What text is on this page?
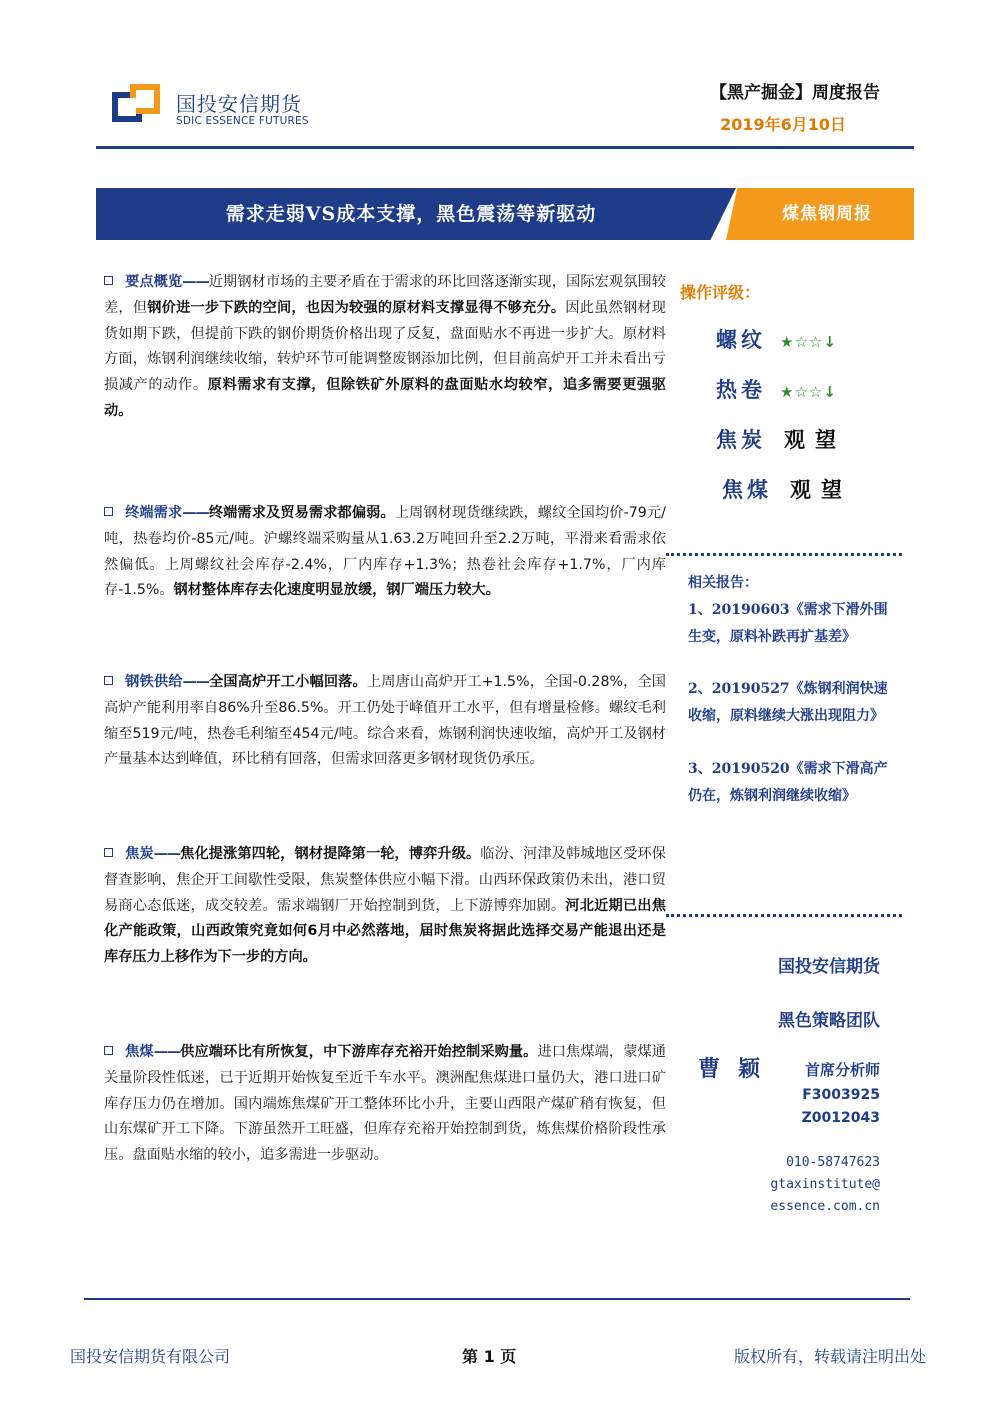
国投安信期货
SDIC ESSENCE FUTURES
【黑产掘金】周度报告
2019年6月10日
需求走弱VS成本支撑，黑色震荡等新驱动	煤焦钢周报
要点概览——近期钢材市场的主要矛盾在于需求的环比回落逐渐实现，国际宏观氛围较差，但钢价进一步下跌的空间，也因为较强的原材料支撑显得不够充分。因此虽然钢材现货如期下跌，但提前下跌的钢价期货价格出现了反复，盘面贴水不再进一步扩大。原材料方面，炼钢利润继续收缩，转炉环节可能调整废钢添加比例，但目前高炉开工并未看出亏损减产的动作。原料需求有支撑，但除铁矿外原料的盘面贴水均较窄，追多需要更强驱动。
终端需求——终端需求及贸易需求都偏弱。上周钢材现货继续跌，螺纹全国均价-79元/吨，热卷均价-85元/吨。沪螺终端采购量从1.63.2万吨回升至2.2万吨，平滑来看需求依然偏低。上周螺纹社会库存-2.4%，厂内库存+1.3%；热卷社会库存+1.7%，厂内库存-1.5%。钢材整体库存去化速度明显放缓，钢厂端压力较大。
钢铁供给——全国高炉开工小幅回落。上周唐山高炉开工+1.5%，全国-0.28%，全国高炉产能利用率自86%升至86.5%。开工仍处于峰值开工水平，但有增量检修。螺纹毛利缩至519元/吨，热卷毛利缩至454元/吨。综合来看，炼钢利润快速收缩，高炉开工及钢材产量基本达到峰值，环比稍有回落，但需求回落更多钢材现货仍承压。
焦炭——焦化提涨第四轮，钢材提降第一轮，博弈升级。临汾、河津及韩城地区受环保督查影响，焦企开工间歇性受限，焦炭整体供应小幅下滑。山西环保政策仍未出，港口贸易商心态低迷，成交较差。需求端钢厂开始控制到货，上下游博弈加剧。河北近期已出焦化产能政策，山西政策究竟如何6月中必然落地，届时焦炭将据此选择交易产能退出还是库存压力上移作为下一步的方向。
焦煤——供应端环比有所恢复，中下游库存充裕开始控制采购量。进口焦煤端，蒙煤通关量阶段性低迷，已于近期开始恢复至近千车水平。澳洲配焦煤进口量仍大，港口进口矿库存压力仍在增加。国内端炼焦煤矿开工整体环比小升，主要山西限产煤矿稍有恢复，但山东煤矿开工下降。下游虽然开工旺盛，但库存充裕开始控制到货，炼焦煤价格阶段性承压。盘面贴水缩的较小，追多需进一步驱动。
操作评级：
螺纹 ★☆☆↓
热卷 ★☆☆↓
焦炭 观望
焦煤 观望
相关报告：
1、20190603《需求下滑外围生变，原料补跌再扩基差》
2、20190527《炼钢利润快速收缩，原料继续大涨出现阻力》
3、20190520《需求下滑高产仍在，炼钢利润继续收缩》
国投安信期货
黑色策略团队
曹颖 首席分析师
F3003925
Z0012043
010-58747623
gtaxinstitute@
essence.com.cn
国投安信期货有限公司	第 1 页	版权所有，转载请注明出处
